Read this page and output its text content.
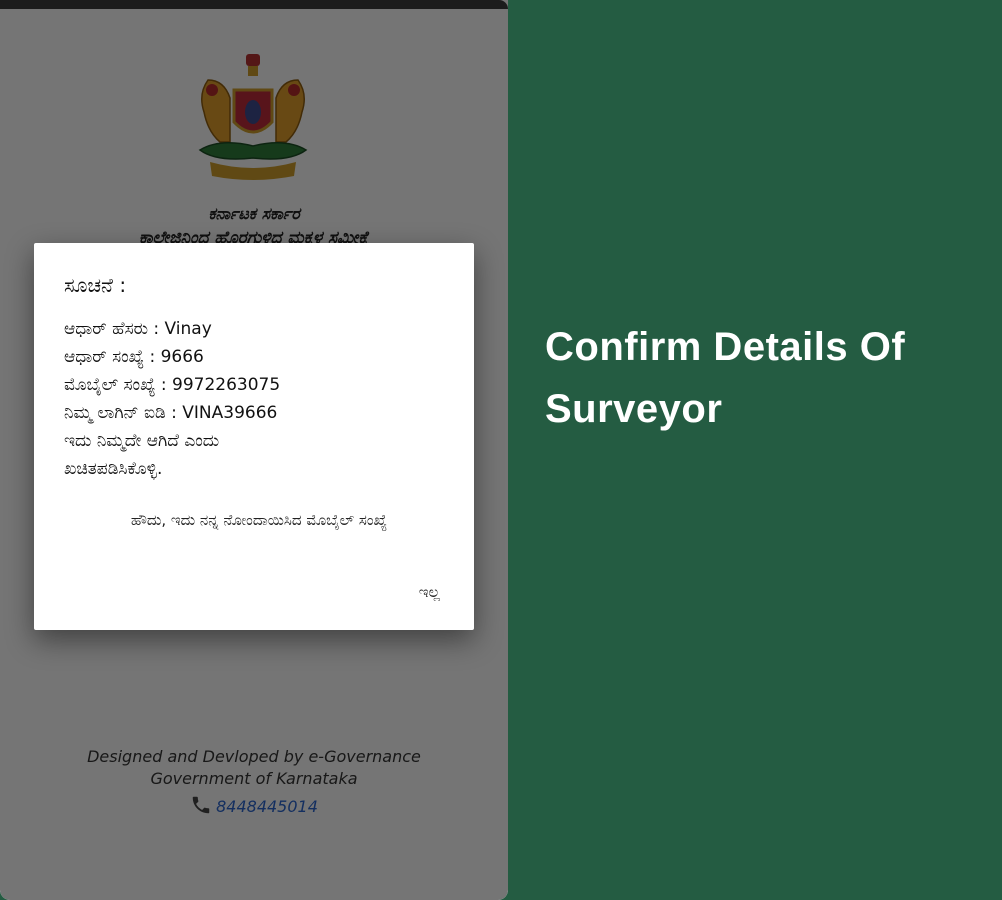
Confirm Details Of Surveyor
ಸೂಚನೆ :
ಆಧಾರ್ ಹೆಸರು : Vinay
ಆಧಾರ್ ಸಂಖ್ಯೆ : 9666
ಮೊಬೈಲ್ ಸಂಖ್ಯೆ : 9972263075
ನಿಮ್ಮ ಲಾಗಿನ್ ಐಡಿ : VINA39666
ಇದು ನಿಮ್ಮದೇ ಆಗಿದೆ ಎಂದು
ಖಚಿತಪಡಿಸಿಕೊಳ್ಳಿ.
ಹೌದು, ಇದು ನನ್ನ ನೋಂದಾಯಿಸಿದ ಮೊಬೈಲ್ ಸಂಖ್ಯೆ
ಇಲ್ಲ
